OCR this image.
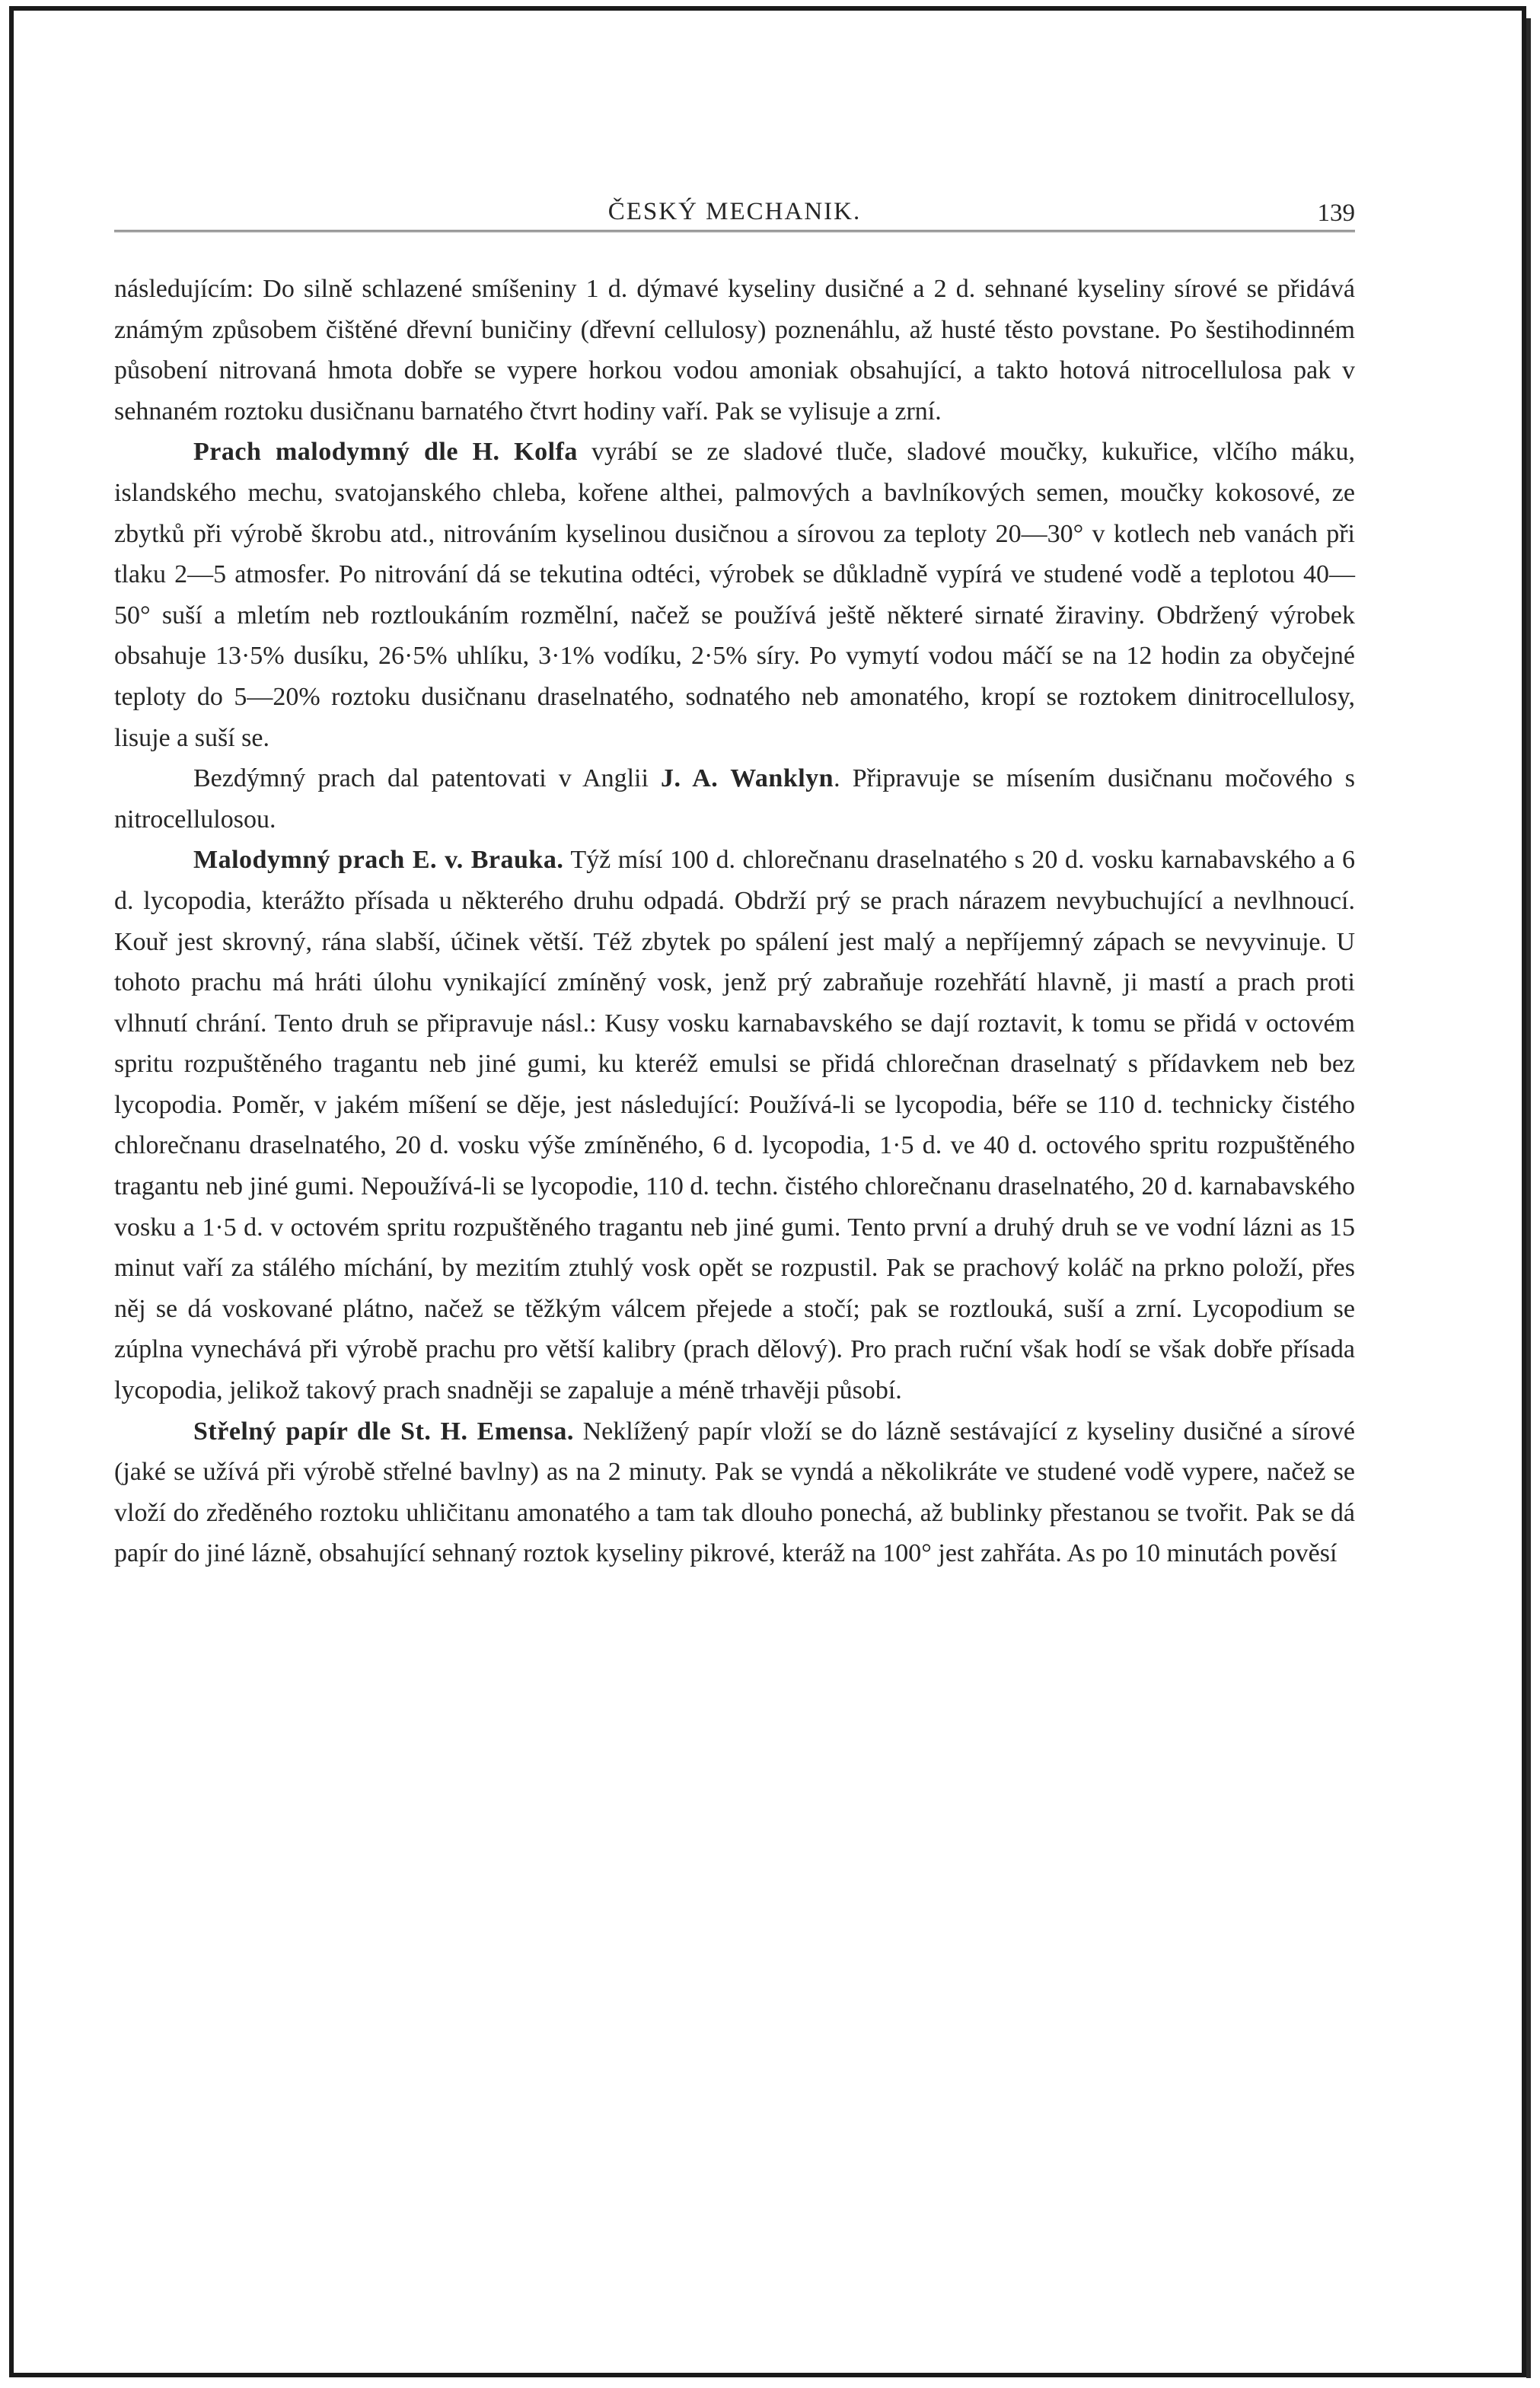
ČESKÝ MECHANIK.	139

následujícím: Do silně schlazené smíšeniny 1 d. dýmavé kyseliny dusičné a 2 d. sehnané kyseliny sírové se přidává známým způsobem čištěné dřevní buničiny (dřevní cellulosy) poznenáhlu, až husté těsto povstane. Po šestihodinném působení nitrovaná hmota dobře se vypere horkou vodou amoniak obsahující, a takto hotová nitrocellulosa pak v sehnaném roztoku dusičnanu barnatého čtvrt hodiny vaří. Pak se vylisuje a zrní.

Prach malodymný dle H. Kolfa vyrábí se ze sladové tluče, sladové moučky, kukuřice, vlčího máku, islandského mechu, svatojanského chleba, kořene althei, palmových a bavlníkových semen, moučky kokosové, ze zbytků při výrobě škrobu atd., nitrováním kyselinou dusičnou a sírovou za teploty 20—30° v kotlech neb vanách při tlaku 2—5 atmosfer. Po nitrování dá se tekutina odtéci, výrobek se důkladně vypírá ve studené vodě a teplotou 40—50° suší a mletím neb roztloukáním rozmělní, načež se používá ještě některé sirnaté žiraviny. Obdržený výrobek obsahuje 13·5% dusíku, 26·5% uhlíku, 3·1% vodíku, 2·5% síry. Po vymytí vodou máčí se na 12 hodin za obyčejné teploty do 5—20% roztoku dusičnanu draselnatého, sodnatého neb amonatého, kropí se roztokem dinitrocellulosy, lisuje a suší se.

Bezdýmný prach dal patentovati v Anglii J. A. Wanklyn. Připravuje se mísením dusičnanu močového s nitrocellulosou.

Malodymný prach E. v. Brauka. Týž mísí 100 d. chlorečnanu draselnatého s 20 d. vosku karnabavského a 6 d. lycopodia, kterážto přísada u některého druhu odpadá. Obdrží prý se prach nárazem nevybuchující a nevlhnoucí. Kouř jest skrovný, rána slabší, účinek větší. Též zbytek po spálení jest malý a nepříjemný zápach se nevyvinuje. U tohoto prachu má hráti úlohu vynikající zmíněný vosk, jenž prý zabraňuje rozehřátí hlavně, ji mastí a prach proti vlhnutí chrání. Tento druh se připravuje násl.: Kusy vosku karnabavského se dají roztavit, k tomu se přidá v octovém spritu rozpuštěného tragantu neb jiné gumi, ku kteréž emulsi se přidá chlorečnan draselnatý s přídavkem neb bez lycopodia. Poměr, v jakém míšení se děje, jest následující: Používá-li se lycopodia, béře se 110 d. technicky čistého chlorečnanu draselnatého, 20 d. vosku výše zmíněného, 6 d. lycopodia, 1·5 d. ve 40 d. octového spritu rozpuštěného tragantu neb jiné gumi. Nepoužívá-li se lycopodie, 110 d. techn. čistého chlorečnanu draselnatého, 20 d. karnabavského vosku a 1·5 d. v octovém spritu rozpuštěného tragantu neb jiné gumi. Tento první a druhý druh se ve vodní lázni as 15 minut vaří za stálého míchání, by mezitím ztuhlý vosk opět se rozpustil. Pak se prachový koláč na prkno položí, přes něj se dá voskované plátno, načež se těžkým válcem přejede a stočí; pak se roztlouká, suší a zrní. Lycopodium se zúplna vynechává při výrobě prachu pro větší kalibry (prach dělový). Pro prach ruční však hodí se však dobře přísada lycopodia, jelikož takový prach snadněji se zapaluje a méně trhavěji působí.

Střelný papír dle St. H. Emensa. Neklížený papír vloží se do lázně sestávající z kyseliny dusičné a sírové (jaké se užívá při výrobě střelné bavlny) as na 2 minuty. Pak se vyndá a několikráte ve studené vodě vypere, načež se vloží do zředěného roztoku uhličitanu amonatého a tam tak dlouho ponechá, až bublinky přestanou se tvořit. Pak se dá papír do jiné lázně, obsahující sehnaný roztok kyseliny pikrové, kteráž na 100° jest zahřáta. As po 10 minutách pověsí
